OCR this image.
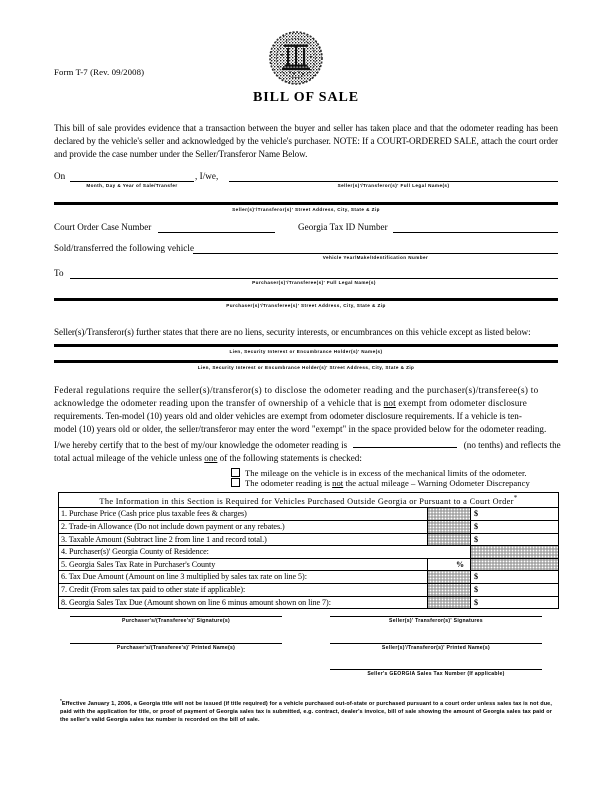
Form T-7 (Rev. 09/2008)
BILL OF SALE
This bill of sale provides evidence that a transaction between the buyer and seller has taken place and that the odometer reading has been declared by the vehicle's seller and acknowledged by the vehicle's purchaser. NOTE: If a COURT-ORDERED SALE, attach the court order and provide the case number under the Seller/Transferor Name Below.
On	, I/we,
Month, Day & Year of Sale/Transfer	Seller(s)'/Transferor(s)' Full Legal Name(s)
Seller(s)'/Transferor(s)' Street Address, City, State & Zip
Court Order Case Number	Georgia Tax ID Number
Sold/transferred the following vehicle
Vehicle Year/Make/Identification Number
To
Purchaser(s)'/Transferee(s)' Full Legal Name(s)
Purchaser(s)'/Transferee(s)' Street Address, City, State & Zip
Seller(s)/Transferor(s) further states that there are no liens, security interests, or encumbrances on this vehicle except as listed below:
Lien, Security Interest or Encumbrance Holder(s)' Name(s)
Lien, Security Interest or Encumbrance Holder(s)' Street Address, City, State & Zip
Federal regulations require the seller(s)/transferor(s) to disclose the odometer reading and the purchaser(s)/transferee(s) to
acknowledge the odometer reading upon the transfer of ownership of a vehicle that is not exempt from odometer disclosure
requirements. Ten-model (10) years old and older vehicles are exempt from odometer disclosure requirements. If a vehicle is ten-
model (10) years old or older, the seller/transferor may enter the word "exempt" in the space provided below for the odometer reading.
I/we hereby certify that to the best of my/our knowledge the odometer reading is	(no tenths) and reflects the
total actual mileage of the vehicle unless one of the following statements is checked:
The mileage on the vehicle is in excess of the mechanical limits of the odometer.
The odometer reading is not the actual mileage – Warning Odometer Discrepancy
The Information in this Section is Required for Vehicles Purchased Outside Georgia or Pursuant to a Court Order*
1. Purchase Price (Cash price plus taxable fees & charges)		$
2. Trade-in Allowance (Do not include down payment or any rebates.)		$
3. Taxable Amount (Subtract line 2 from line 1 and record total.)		$
4. Purchaser(s)' Georgia County of Residence:		
5. Georgia Sales Tax Rate in Purchaser's County	%	
6. Tax Due Amount (Amount on line 3 multiplied by sales tax rate on line 5):		$
7. Credit (From sales tax paid to other state if applicable):		$
8. Georgia Sales Tax Due (Amount shown on line 6 minus amount shown on line 7):		$
Purchaser's/(Transferee's)' Signature(s)	Seller(s)' Transferor(s)' Signatures
Purchaser's/(Transferee's)' Printed Name(s)	Seller(s)'/Transferor(s)' Printed Name(s)
Seller's GEORGIA Sales Tax Number (If applicable)
*Effective January 1, 2006, a Georgia title will not be issued (if title required) for a vehicle purchased out-of-state or purchased pursuant to a court order unless sales tax is not due, paid with the application for title, or proof of payment of Georgia sales tax is submitted, e.g. contract, dealer's invoice, bill of sale showing the amount of Georgia sales tax paid or the seller's valid Georgia sales tax number is recorded on the bill of sale.
